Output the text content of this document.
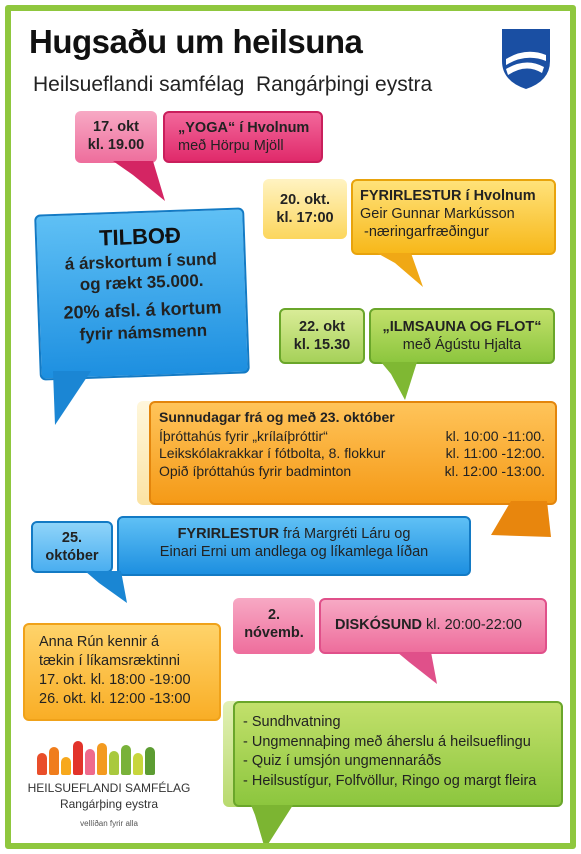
Hugsaðu um heilsuna
Heilsueflandi samfélag  Rangárþingi eystra
17. okt
kl. 19.00
„YOGA“ í Hvolnum
með Hörpu Mjöll
20. okt.
kl. 17:00
FYRIRLESTUR í Hvolnum
Geir Gunnar Markússon
-næringarfræðingur
TILBOÐ
á árskortum í sund
og rækt 35.000.
20% afsl. á kortum
fyrir námsmenn	22. okt
kl. 15.30
„ILMSAUNA OG FLOT“
með Ágústu Hjalta
Sunnudagar frá og með 23. október
Íþróttahús fyrir „krílaíþróttir“	kl. 10:00 -11:00.
Leikskólakrakkar í fótbolta, 8. flokkur	kl. 11:00 -12:00.
Opið íþróttahús fyrir badminton	kl. 12:00 -13:00.
25.
október
FYRIRLESTUR frá Margréti Láru og
Einari Erni um andlega og líkamlega líðan
2.
nóvemb.
DISKÓSUND kl. 20:00-22:00
Anna Rún kennir á
tækin í líkamsræktinni
17. okt. kl. 18:00 -19:00
26. okt. kl. 12:00 -13:00
- Sundhvatning
- Ungmennaþing með áherslu á heilsueflingu
- Quiz í umsjón ungmennaráðs
- Heilsustígur, Folfvöllur, Ringo og margt fleira
HEILSUEFLANDI SAMFÉLAG
Rangárþing eystra
vellíðan fyrir alla
